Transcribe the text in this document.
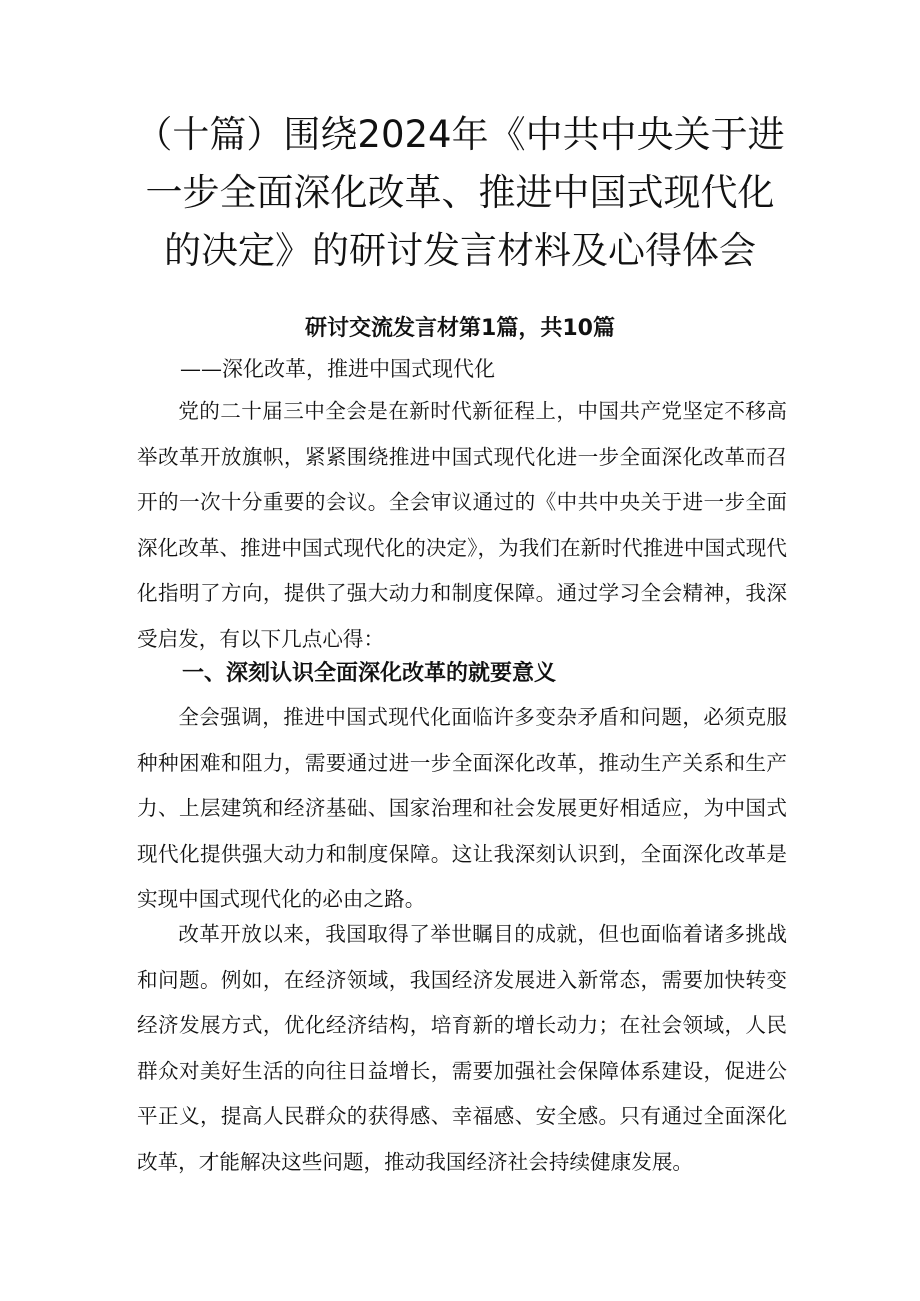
（十篇）围绕2024年《中共中央关于进一步全面深化改革、推进中国式现代化的决定》的研讨发言材料及心得体会
研讨交流发言材第1篇，共10篇
——深化改革，推进中国式现代化

党的二十届三中全会是在新时代新征程上，中国共产党坚定不移高举改革开放旗帜，紧紧围绕推进中国式现代化进一步全面深化改革而召开的一次十分重要的会议。全会审议通过的《中共中央关于进一步全面深化改革、推进中国式现代化的决定》，为我们在新时代推进中国式现代化指明了方向，提供了强大动力和制度保障。通过学习全会精神，我深受启发，有以下几点心得：

一、深刻认识全面深化改革的就要意义

全会强调，推进中国式现代化面临许多变杂矛盾和问题，必须克服种种困难和阻力，需要通过进一步全面深化改革，推动生产关系和生产力、上层建筑和经济基础、国家治理和社会发展更好相适应，为中国式现代化提供强大动力和制度保障。这让我深刻认识到，全面深化改革是实现中国式现代化的必由之路。

改革开放以来，我国取得了举世瞩目的成就，但也面临着诸多挑战和问题。例如，在经济领域，我国经济发展进入新常态，需要加快转变经济发展方式，优化经济结构，培育新的增长动力；在社会领域，人民群众对美好生活的向往日益增长，需要加强社会保障体系建设，促进公平正义，提高人民群众的获得感、幸福感、安全感。只有通过全面深化改革，才能解决这些问题，推动我国经济社会持续健康发展。
